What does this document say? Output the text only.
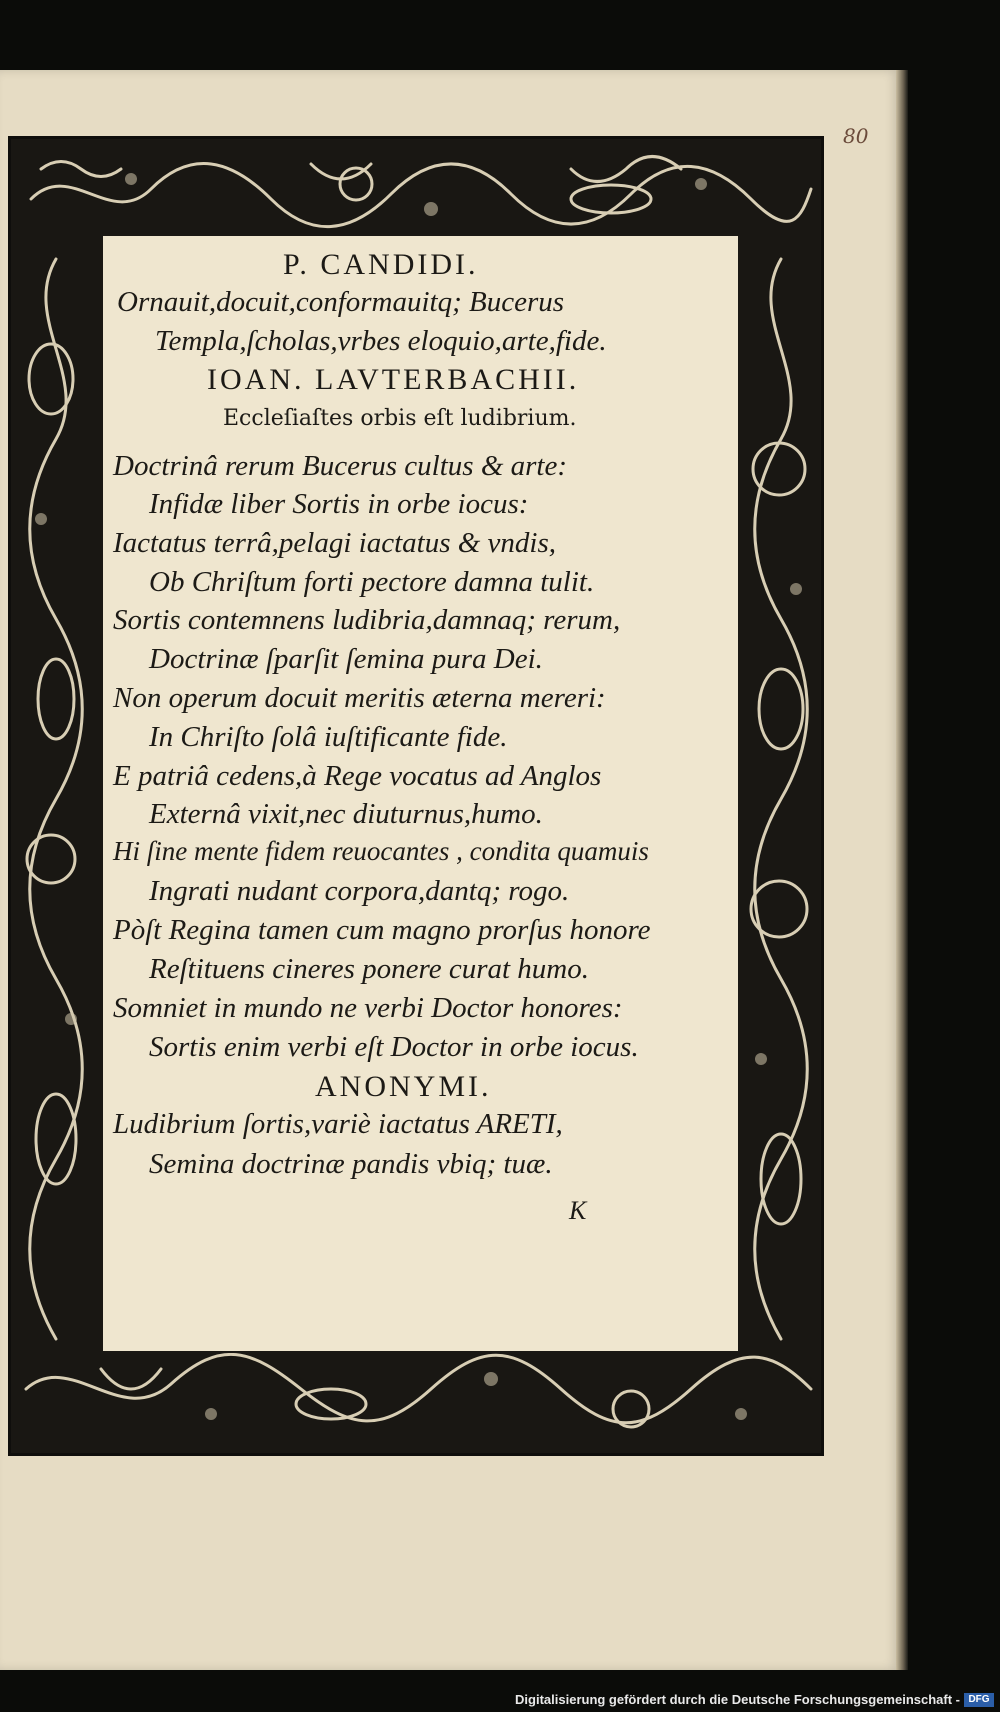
80
P. CANDIDI.
Ornauit,docuit,conformauitq; Bucerus
Templa,ſcholas,vrbes eloquio,arte,fide.
IOAN. LAVTERBACHII.
Eccleſiaſtes orbis eſt ludibrium.
Doctrinâ rerum Bucerus cultus & arte:
Infidæ liber Sortis in orbe iocus:
Iactatus terrâ,pelagi iactatus & vndis,
Ob Chriſtum forti pectore damna tulit.
Sortis contemnens ludibria,damnaq; rerum,
Doctrinæ ſparſit ſemina pura Dei.
Non operum docuit meritis æterna mereri:
In Chriſto ſolâ iuſtificante fide.
E patriâ cedens,à Rege vocatus ad Anglos
Externâ vixit,nec diuturnus,humo.
Hi ſine mente fidem reuocantes , condita quamuis
Ingrati nudant corpora,dantq; rogo.
Pòſt Regina tamen cum magno prorſus honore
Reſtituens cineres ponere curat humo.
Somniet in mundo ne verbi Doctor honores:
Sortis enim verbi eſt Doctor in orbe iocus.
ANONYMI.
Ludibrium ſortis,variè iactatus ARETI,
Semina doctrinæ pandis vbiq; tuæ.
K
Digitalisierung gefördert durch die Deutsche Forschungsgemeinschaft - DFG
